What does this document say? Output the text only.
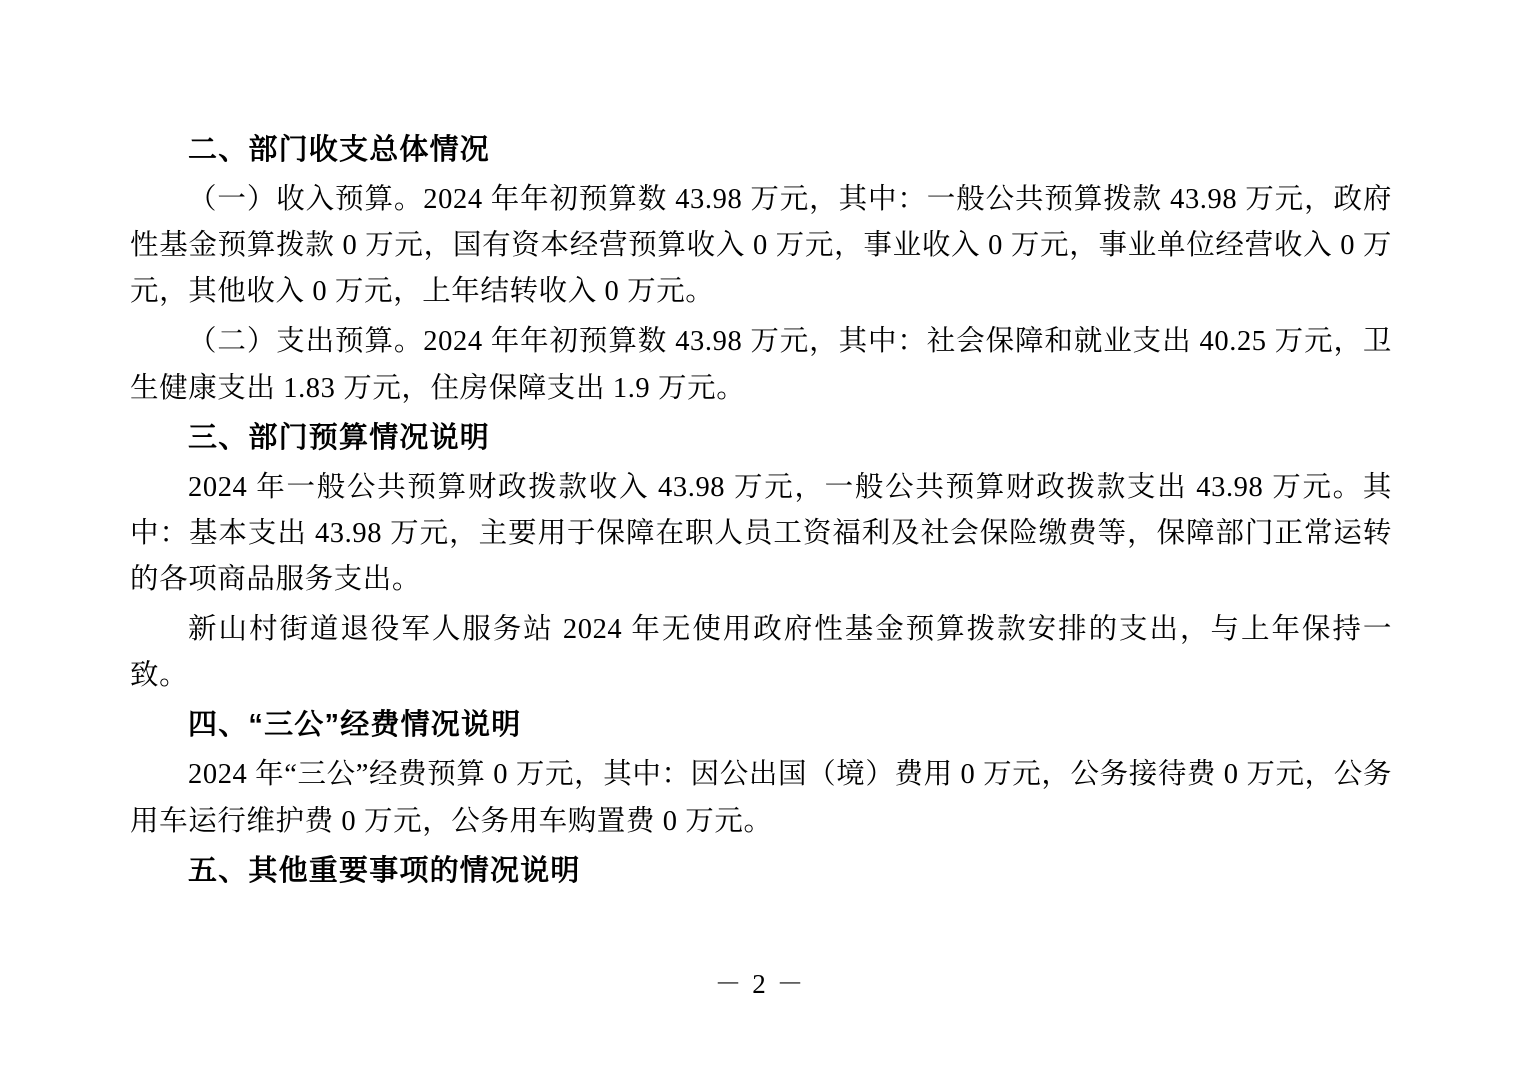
二、部门收支总体情况
（一）收入预算。2024 年年初预算数 43.98 万元，其中：一般公共预算拨款 43.98 万元，政府性基金预算拨款 0 万元，国有资本经营预算收入 0 万元，事业收入 0 万元，事业单位经营收入 0 万元，其他收入 0 万元，上年结转收入 0 万元。
（二）支出预算。2024 年年初预算数 43.98 万元，其中：社会保障和就业支出 40.25 万元，卫生健康支出 1.83 万元，住房保障支出 1.9 万元。
三、部门预算情况说明
2024 年一般公共预算财政拨款收入 43.98 万元，一般公共预算财政拨款支出 43.98 万元。其中：基本支出 43.98 万元，主要用于保障在职人员工资福利及社会保险缴费等，保障部门正常运转的各项商品服务支出。
新山村街道退役军人服务站 2024 年无使用政府性基金预算拨款安排的支出，与上年保持一致。
四、“三公”经费情况说明
2024 年“三公”经费预算 0 万元，其中：因公出国（境）费用 0 万元，公务接待费 0 万元，公务用车运行维护费 0 万元，公务用车购置费 0 万元。
五、其他重要事项的情况说明
－ 2 －
